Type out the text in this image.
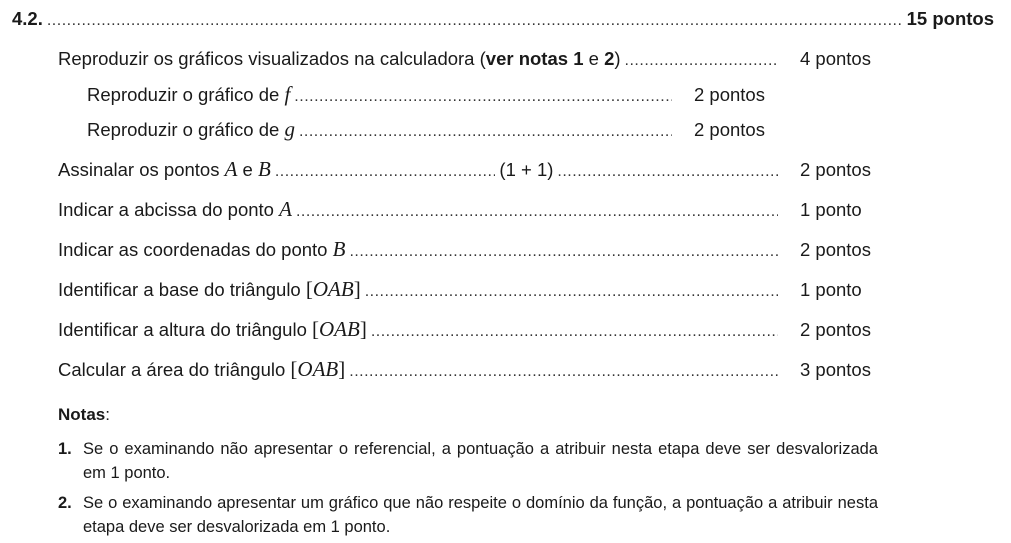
4.2. .....	15 pontos
Reproduzir os gráficos visualizados na calculadora (ver notas 1 e 2) .....	4 pontos
Reproduzir o gráfico de f .....	2 pontos
Reproduzir o gráfico de g .....	2 pontos
Assinalar os pontos A e B .....	(1 + 1) .....	2 pontos
Indicar a abcissa do ponto A .....	1 ponto
Indicar as coordenadas do ponto B .....	2 pontos
Identificar a base do triângulo [OAB] .....	1 ponto
Identificar a altura do triângulo [OAB] .....	2 pontos
Calcular a área do triângulo [OAB] .....	3 pontos
Notas:
1. Se o examinando não apresentar o referencial, a pontuação a atribuir nesta etapa deve ser desvalorizada em 1 ponto.
2. Se o examinando apresentar um gráfico que não respeite o domínio da função, a pontuação a atribuir nesta etapa deve ser desvalorizada em 1 ponto.
